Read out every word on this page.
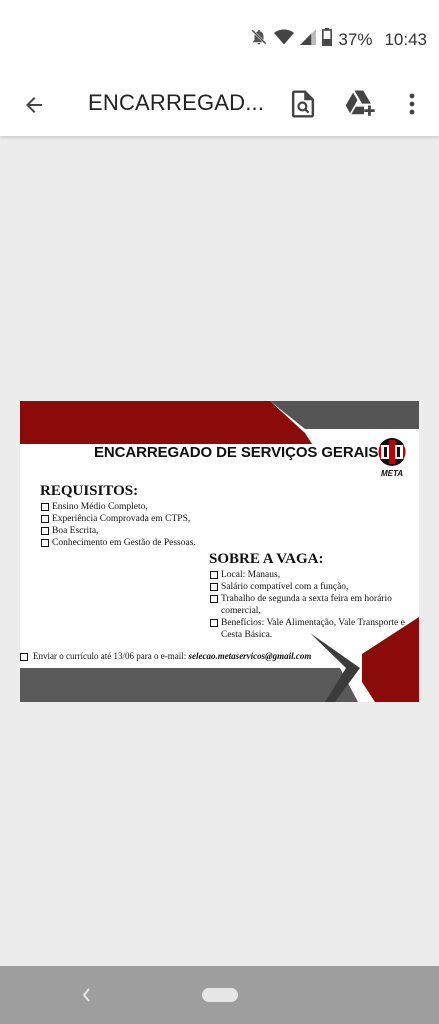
37% 10:43
ENCARREGAD...
ENCARREGADO DE SERVIÇOS GERAIS
META
REQUISITOS:
Ensino Médio Completo,
Experiência Comprovada em CTPS,
Boa Escrita,
Conhecimento em Gestão de Pessoas.
SOBRE A VAGA:
Local: Manaus,
Salário compatível com a função,
Trabalho de segunda a sexta feira em horário comercial,
Benefícios: Vale Alimentação, Vale Transporte e Cesta Básica.
Enviar o currículo até 13/06 para o e-mail: selecao.metaservicos@gmail.com
